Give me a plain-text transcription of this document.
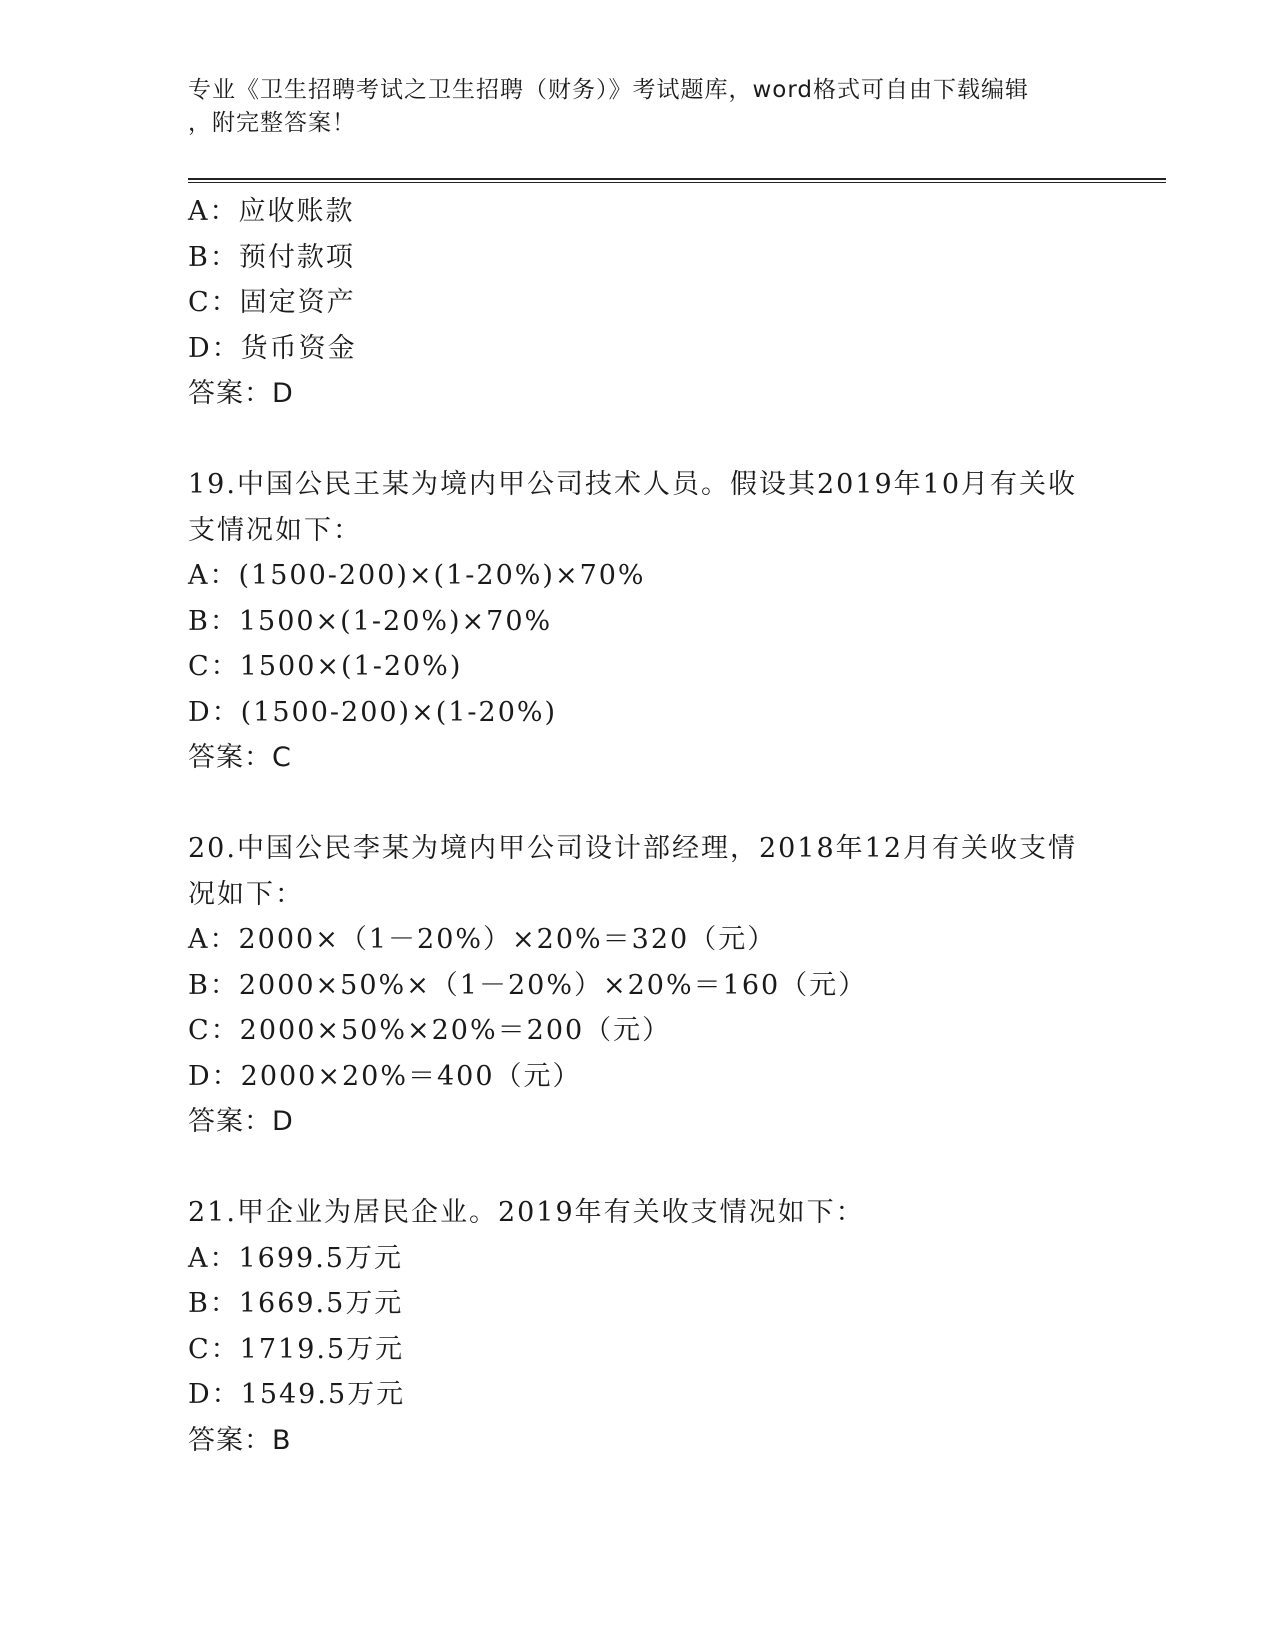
专业《卫生招聘考试之卫生招聘（财务）》考试题库，word格式可自由下载编辑
，附完整答案！
A：应收账款
B：预付款项
C：固定资产
D：货币资金
答案：D
19.中国公民王某为境内甲公司技术人员。假设其2019年10月有关收
支情况如下：
A：(1500-200)×(1-20%)×70%
B：1500×(1-20%)×70%
C：1500×(1-20%)
D：(1500-200)×(1-20%)
答案：C
20.中国公民李某为境内甲公司设计部经理，2018年12月有关收支情
况如下：
A：2000×（1－20%）×20%＝320（元）
B：2000×50%×（1－20%）×20%＝160（元）
C：2000×50%×20%＝200（元）
D：2000×20%＝400（元）
答案：D
21.甲企业为居民企业。2019年有关收支情况如下：
A：1699.5万元
B：1669.5万元
C：1719.5万元
D：1549.5万元
答案：B
